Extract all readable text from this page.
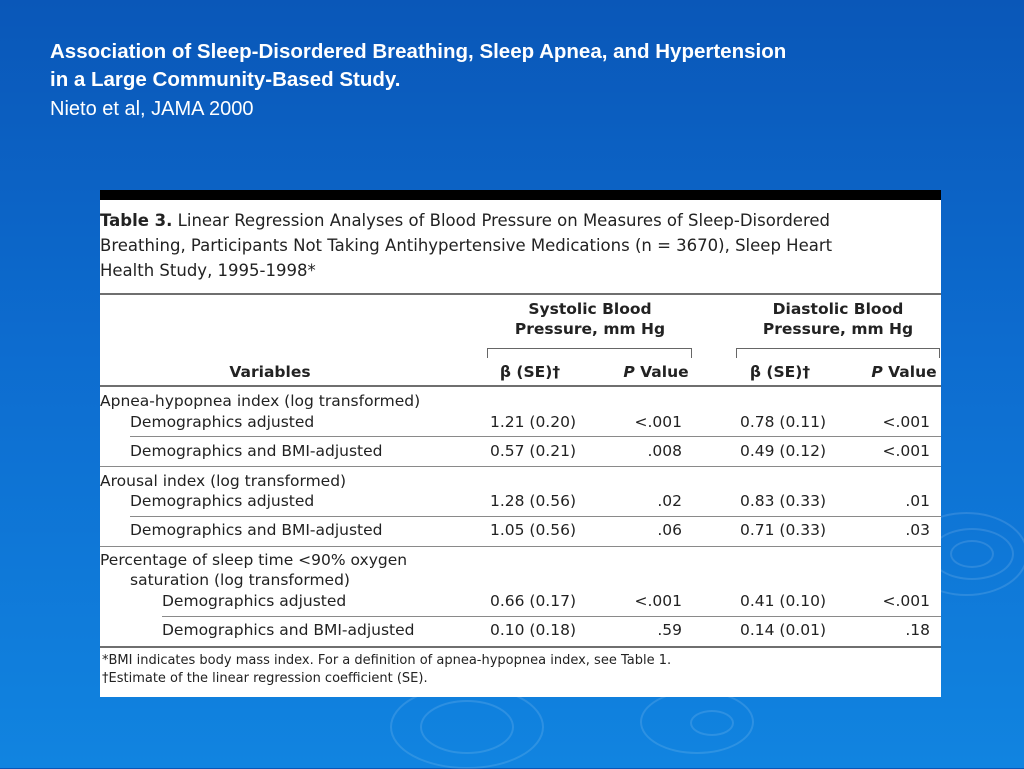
Association of Sleep-Disordered Breathing, Sleep Apnea, and Hypertension
in a Large Community-Based Study.
Nieto et al, JAMA 2000
Table 3. Linear Regression Analyses of Blood Pressure on Measures of Sleep-Disordered
Breathing, Participants Not Taking Antihypertensive Medications (n = 3670), Sleep Heart
Health Study, 1995-1998*
Systolic Blood
Pressure, mm Hg
Diastolic Blood
Pressure, mm Hg
Variables	β (SE)†	P Value	β (SE)†	P Value
Apnea-hypopnea index (log transformed)
Demographics adjusted	1.21 (0.20)	<.001	0.78 (0.11)	<.001
Demographics and BMI-adjusted	0.57 (0.21)	.008	0.49 (0.12)	<.001
Arousal index (log transformed)
Demographics adjusted	1.28 (0.56)	.02	0.83 (0.33)	.01
Demographics and BMI-adjusted	1.05 (0.56)	.06	0.71 (0.33)	.03
Percentage of sleep time <90% oxygen
saturation (log transformed)
Demographics adjusted	0.66 (0.17)	<.001	0.41 (0.10)	<.001
Demographics and BMI-adjusted	0.10 (0.18)	.59	0.14 (0.01)	.18
*BMI indicates body mass index. For a definition of apnea-hypopnea index, see Table 1.
†Estimate of the linear regression coefficient (SE).
